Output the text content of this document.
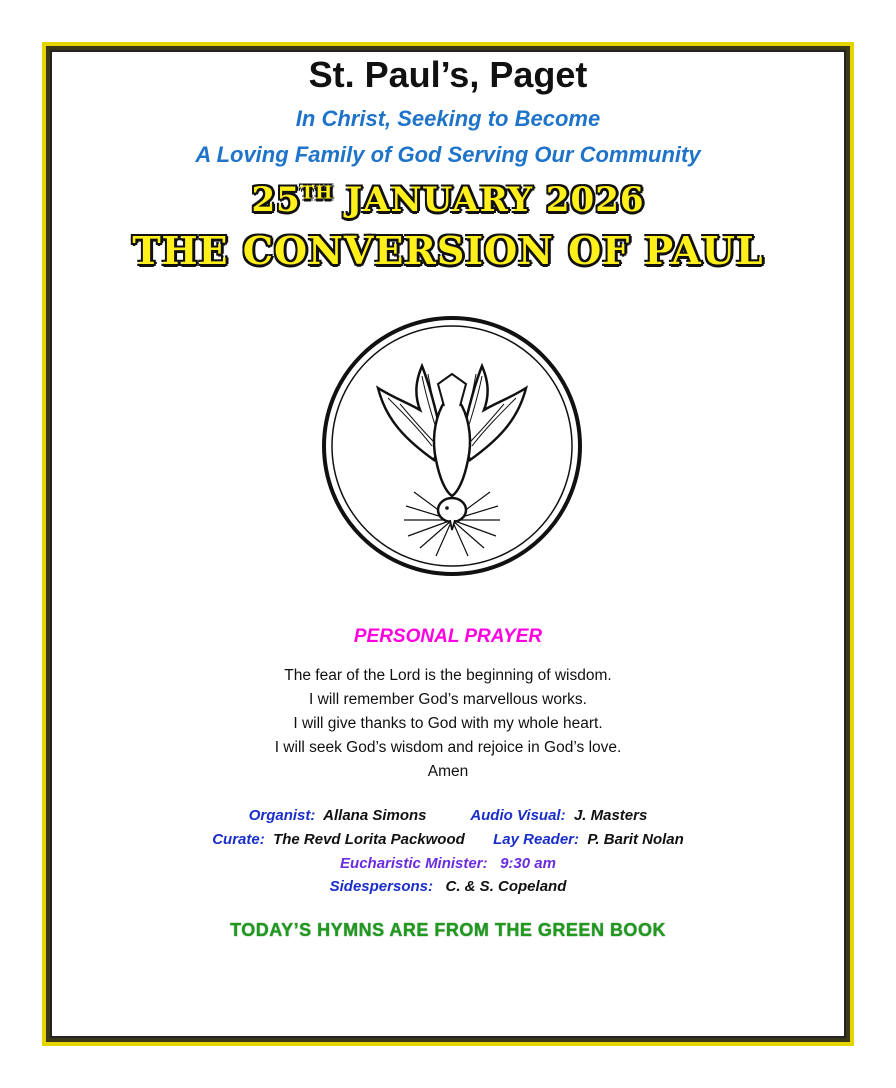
St. Paul’s, Paget
In Christ, Seeking to Become
A Loving Family of God Serving Our Community
25TH JANUARY 2026
THE CONVERSION OF PAUL
PERSONAL PRAYER
The fear of the Lord is the beginning of wisdom.
I will remember God’s marvellous works.
I will give thanks to God with my whole heart.
I will seek God’s wisdom and rejoice in God’s love.
Amen
Organist: Allana Simons	Audio Visual: J. Masters
Curate: The Revd Lorita Packwood Lay Reader: P. Barit Nolan
Eucharistic Minister: 9:30 am
Sidespersons: C. & S. Copeland
TODAY’S HYMNS ARE FROM THE GREEN BOOK
